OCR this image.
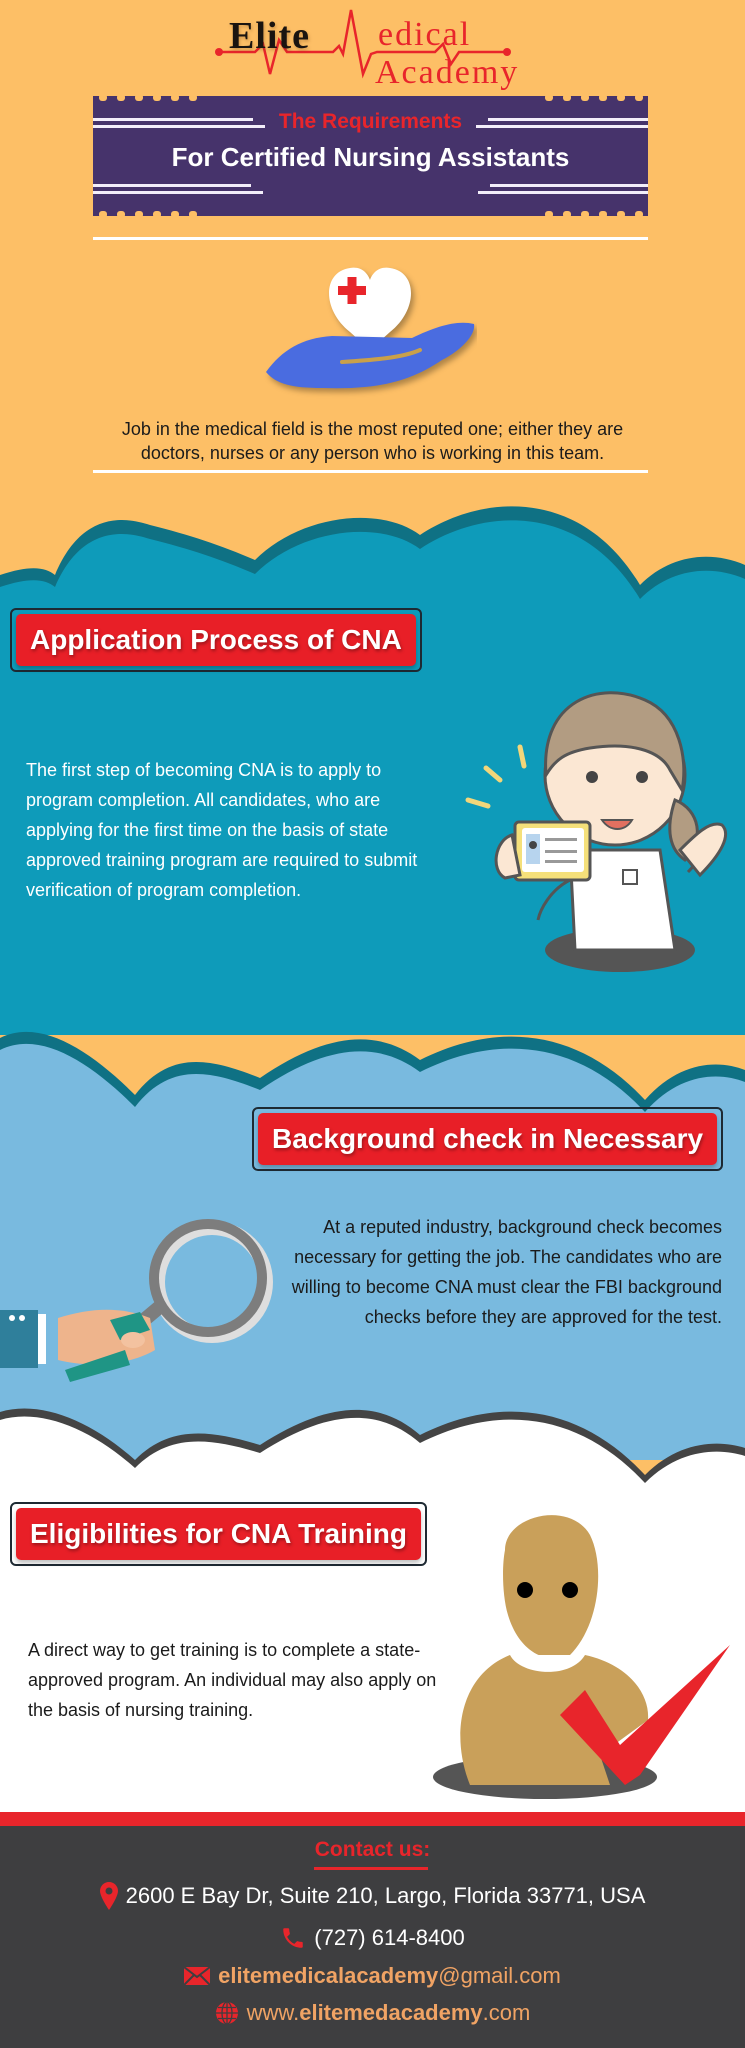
Elite edical
Academy
The Requirements
For Certified Nursing Assistants
Job in the medical field is the most reputed one; either they are doctors, nurses or any person who is working in this team.
Application Process of CNA
The first step of becoming CNA is to apply to program completion. All candidates, who are applying for the first time on the basis of state approved training program are required to submit verification of program completion.
Background check in Necessary
At a reputed industry, background check becomes necessary for getting the job. The candidates who are willing to become CNA must clear the FBI background checks before they are approved for the test.
Eligibilities for CNA Training
A direct way to get training is to complete a state-approved program. An individual may also apply on the basis of nursing training.
Contact us:
2600 E Bay Dr, Suite 210, Largo, Florida 33771, USA
(727) 614-8400
elitemedicalacademy@gmail.com
www.elitemedacademy.com
